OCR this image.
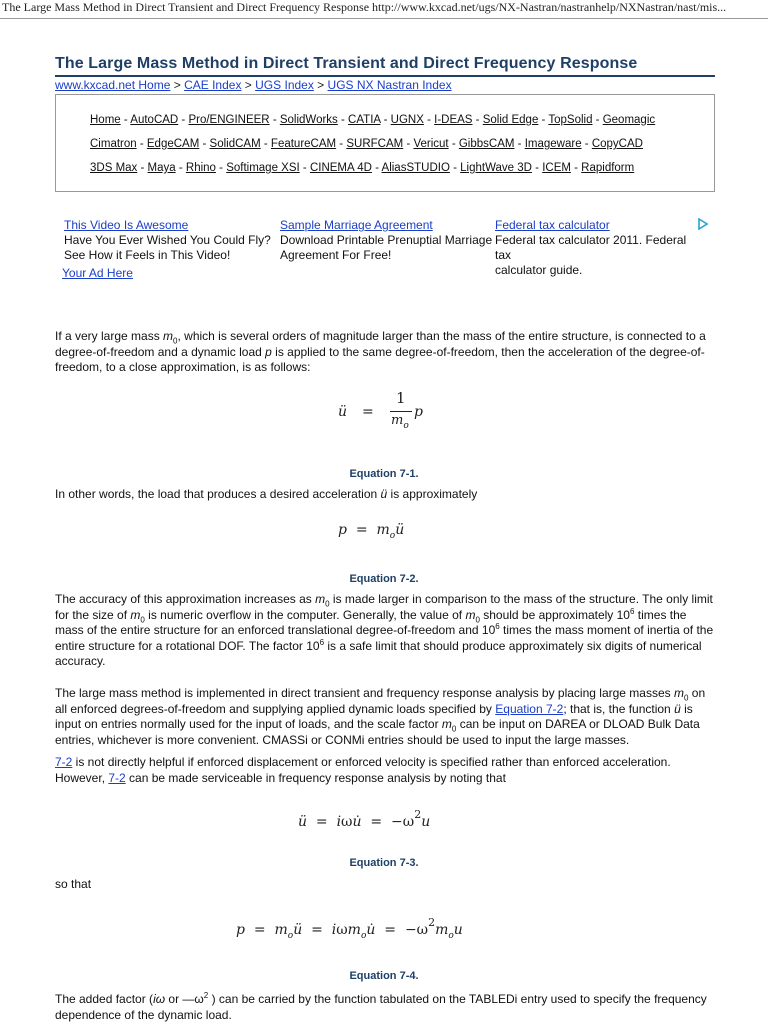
The Large Mass Method in Direct Transient and Direct Frequency Response http://www.kxcad.net/ugs/NX-Nastran/nastranhelp/NXNastran/nast/mis...
The Large Mass Method in Direct Transient and Direct Frequency Response
www.kxcad.net Home > CAE Index > UGS Index > UGS NX Nastran Index
Home - AutoCAD - Pro/ENGINEER - SolidWorks - CATIA - UGNX - I-DEAS - Solid Edge - TopSolid - Geomagic
Cimatron - EdgeCAM - SolidCAM - FeatureCAM - SURFCAM - Vericut - GibbsCAM - Imageware - CopyCAD
3DS Max - Maya - Rhino - Softimage XSI - CINEMA 4D - AliasSTUDIO - LightWave 3D - ICEM - Rapidform
This Video Is Awesome
Have You Ever Wished You Could Fly?
See How it Feels in This Video!
Sample Marriage Agreement
Download Printable Prenuptial Marriage
Agreement For Free!
Federal tax calculator
Federal tax calculator 2011. Federal tax
calculator guide.
Your Ad Here
If a very large mass $m_0$, which is several orders of magnitude larger than the mass of the entire structure, is connected to a degree-of-freedom and a dynamic load p is applied to the same degree-of-freedom, then the acceleration of the degree-of-freedom, to a close approximation, is as follows:
ü =
1
$m_o$
p
Equation 7-1.
In other words, the load that produces a desired acceleration ü is approximately
$p = m_oü$
Equation 7-2.
The accuracy of this approximation increases as $m_0$ is made larger in comparison to the mass of the structure. The only limit for the size of $m_0$ is numeric overflow in the computer. Generally, the value of $m_0$ should be approximately $10^6$ times the mass of the entire structure for an enforced translational degree-of-freedom and $10^6$ times the mass moment of inertia of the entire structure for a rotational DOF. The factor $10^6$ is a safe limit that should produce approximately six digits of numerical accuracy.
The large mass method is implemented in direct transient and frequency response analysis by placing large masses $m_0$ on all enforced degrees-of-freedom and supplying applied dynamic loads specified by Equation 7-2; that is, the function ü is input on entries normally used for the input of loads, and the scale factor $m_0$ can be input on DAREA or DLOAD Bulk Data entries, whichever is more convenient. CMASSi or CONMi entries should be used to input the large masses.
7-2 is not directly helpful if enforced displacement or enforced velocity is specified rather than enforced acceleration. However, 7-2 can be made serviceable in frequency response analysis by noting that
ü  =  iωu̇  =  $-\omega^2u$
Equation 7-3.
so that
$p = m_oü$  =  iωm$_o$u̇  =  $-\omega^2m_ou$
Equation 7-4.
The added factor (iω or $—\omega^2$ ) can be carried by the function tabulated on the TABLEDi entry used to specify the frequency dependence of the dynamic load.
